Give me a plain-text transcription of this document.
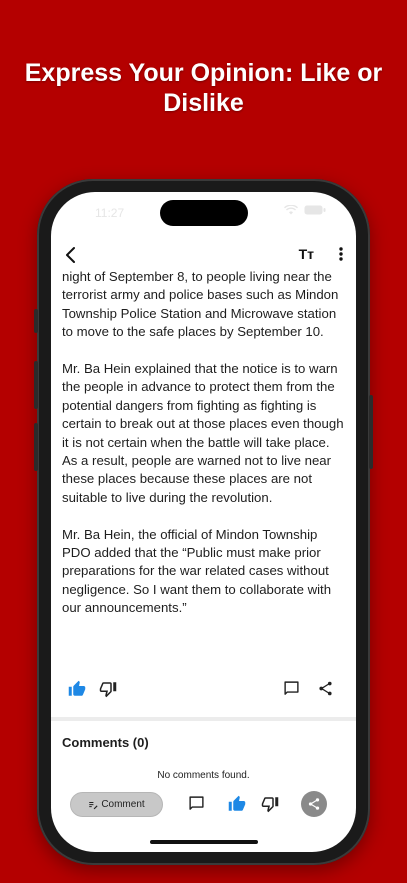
Express Your Opinion: Like or
Dislike
11:27
Tт

night of September 8, to people living near the terrorist army and police bases such as Mindon Township Police Station and Microwave station to move to the safe places by September 10.

Mr. Ba Hein explained that the notice is to warn the people in advance to protect them from the potential dangers from fighting as fighting is certain to break out at those places even though it is not certain when the battle will take place. As a result, people are warned not to live near these places because these places are not suitable to live during the revolution.

Mr. Ba Hein, the official of Mindon Township PDO added that the “Public must make prior preparations for the war related cases without negligence. So I want them to collaborate with our announcements.”

Comments (0)
No comments found.
Comment
